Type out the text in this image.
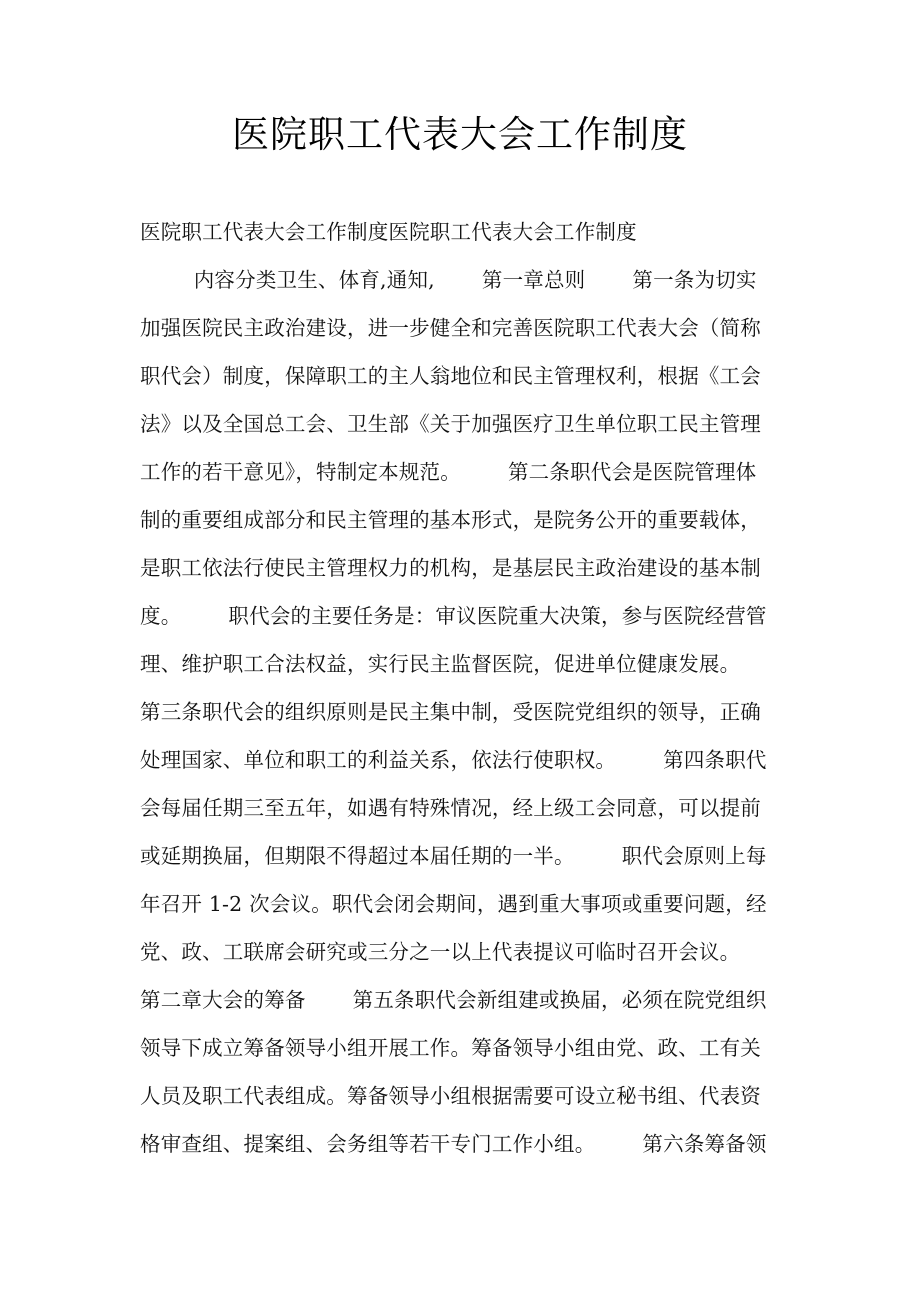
医院职工代表大会工作制度
医院职工代表大会工作制度医院职工代表大会工作制度
内容分类卫生、体育,通知,       第一章总则       第一条为切实
加强医院民主政治建设，进一步健全和完善医院职工代表大会（简称
职代会）制度，保障职工的主人翁地位和民主管理权利，根据《工会
法》以及全国总工会、卫生部《关于加强医疗卫生单位职工民主管理
工作的若干意见》，特制定本规范。       第二条职代会是医院管理体
制的重要组成部分和民主管理的基本形式，是院务公开的重要载体，
是职工依法行使民主管理权力的机构，是基层民主政治建设的基本制
度。       职代会的主要任务是：审议医院重大决策，参与医院经营管
理、维护职工合法权益，实行民主监督医院，促进单位健康发展。
第三条职代会的组织原则是民主集中制，受医院党组织的领导，正确
处理国家、单位和职工的利益关系，依法行使职权。       第四条职代
会每届任期三至五年，如遇有特殊情况，经上级工会同意，可以提前
或延期换届，但期限不得超过本届任期的一半。       职代会原则上每
年召开 1-2 次会议。职代会闭会期间，遇到重大事项或重要问题，经
党、政、工联席会研究或三分之一以上代表提议可临时召开会议。
第二章大会的筹备       第五条职代会新组建或换届，必须在院党组织
领导下成立筹备领导小组开展工作。筹备领导小组由党、政、工有关
人员及职工代表组成。筹备领导小组根据需要可设立秘书组、代表资
格审查组、提案组、会务组等若干专门工作小组。       第六条筹备领
